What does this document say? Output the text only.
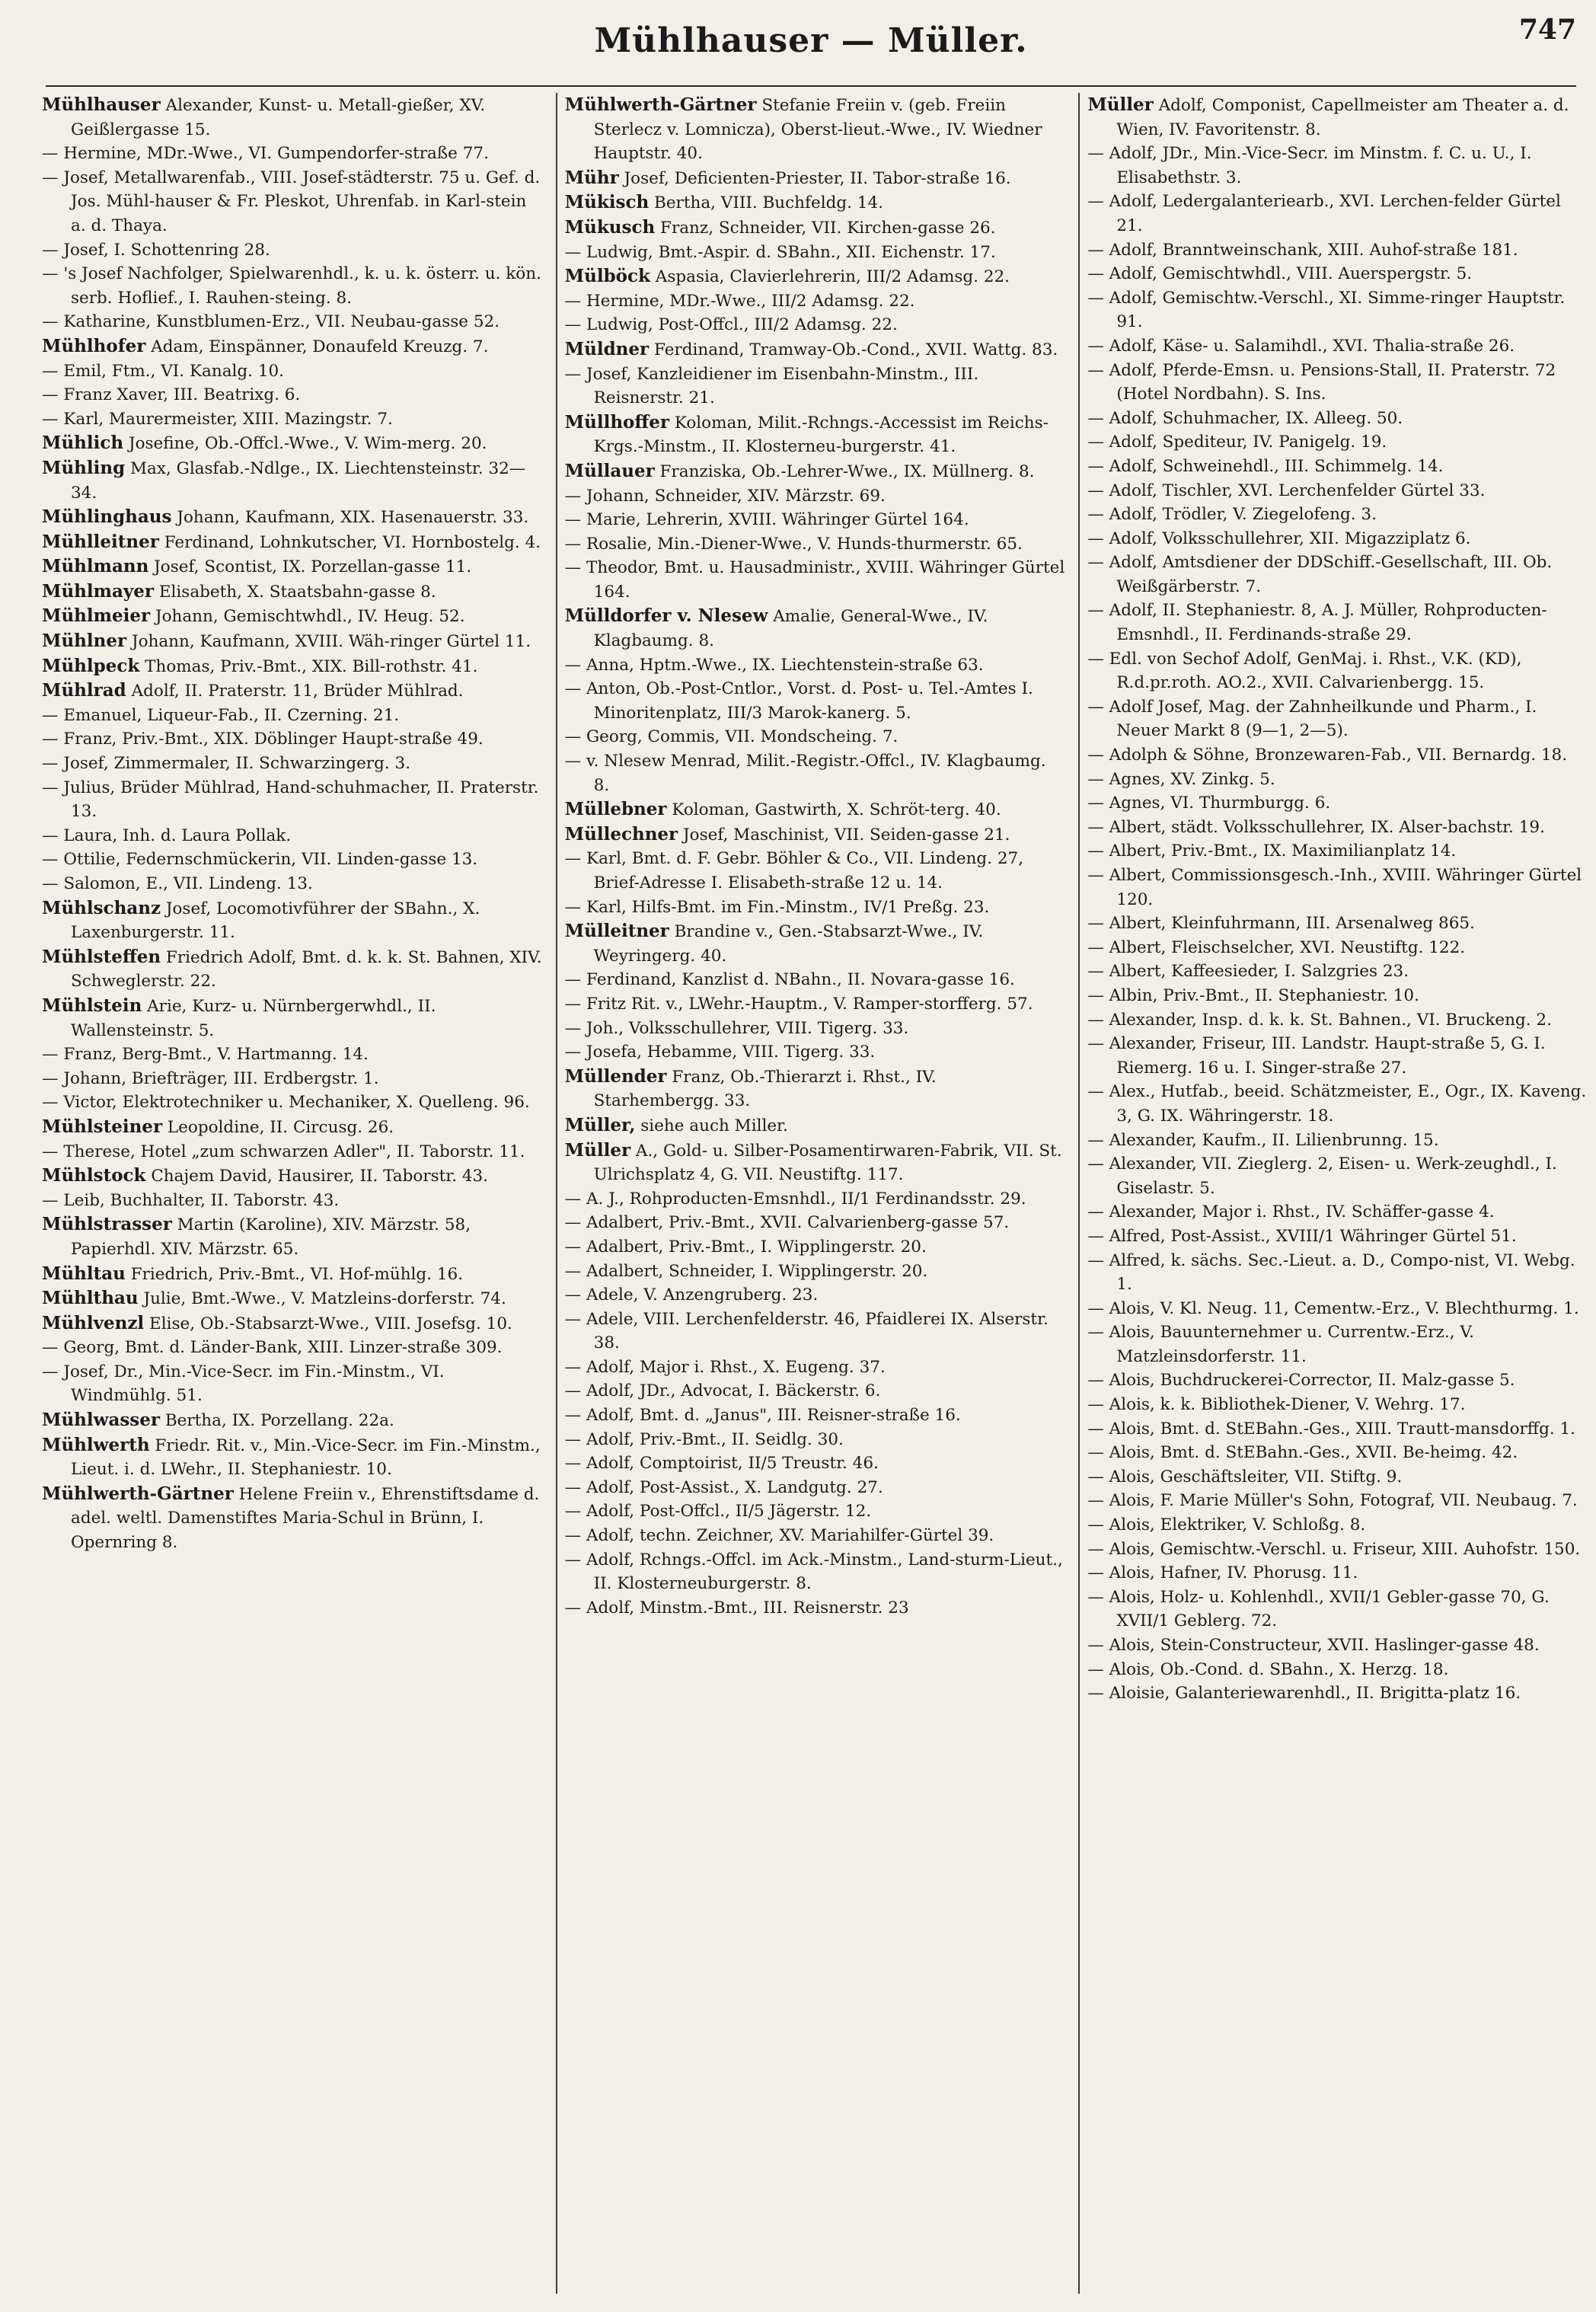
Mühlhauser — Müller.	747

Mühlhauser Alexander, Kunst- u. Metall-gießer, XV. Geißlergasse 15.

— Hermine, MDr.-Wwe., VI. Gumpendorfer-straße 77.

— Josef, Metallwarenfab., VIII. Josef-städterstr. 75 u. Gef. d. Jos. Mühl-hauser & Fr. Pleskot, Uhrenfab. in Karl-stein a. d. Thaya.

— Josef, I. Schottenring 28.

— 's Josef Nachfolger, Spielwarenhdl., k. u. k. österr. u. kön. serb. Hoflief., I. Rauhen-steing. 8.

— Katharine, Kunstblumen-Erz., VII. Neubau-gasse 52.

Mühlhofer Adam, Einspänner, Donaufeld Kreuzg. 7.

— Emil, Ftm., VI. Kanalg. 10.

— Franz Xaver, III. Beatrixg. 6.

— Karl, Maurermeister, XIII. Mazingstr. 7.

Mühlich Josefine, Ob.-Offcl.-Wwe., V. Wim-merg. 20.

Mühling Max, Glasfab.-Ndlge., IX. Liechtensteinstr. 32—34.

Mühlinghaus Johann, Kaufmann, XIX. Hasenauerstr. 33.

Mühlleitner Ferdinand, Lohnkutscher, VI. Hornbostelg. 4.

Mühlmann Josef, Scontist, IX. Porzellan-gasse 11.

Mühlmayer Elisabeth, X. Staatsbahn-gasse 8.

Mühlmeier Johann, Gemischtwhdl., IV. Heug. 52.

Mühlner Johann, Kaufmann, XVIII. Wäh-ringer Gürtel 11.

Mühlpeck Thomas, Priv.-Bmt., XIX. Bill-rothstr. 41.

Mühlrad Adolf, II. Praterstr. 11, Brüder Mühlrad.

— Emanuel, Liqueur-Fab., II. Czerning. 21.

— Franz, Priv.-Bmt., XIX. Döblinger Haupt-straße 49.

— Josef, Zimmermaler, II. Schwarzingerg. 3.

— Julius, Brüder Mühlrad, Hand-schuhmacher, II. Praterstr. 13.

— Laura, Inh. d. Laura Pollak.

— Ottilie, Federnschmückerin, VII. Linden-gasse 13.

— Salomon, E., VII. Lindeng. 13.

Mühlschanz Josef, Locomotivführer der SBahn., X. Laxenburgerstr. 11.

Mühlsteffen Friedrich Adolf, Bmt. d. k. k. St. Bahnen, XIV. Schweglerstr. 22.

Mühlstein Arie, Kurz- u. Nürnbergerwhdl., II. Wallensteinstr. 5.

— Franz, Berg-Bmt., V. Hartmanng. 14.

— Johann, Briefträger, III. Erdbergstr. 1.

— Victor, Elektrotechniker u. Mechaniker, X. Quelleng. 96.

Mühlsteiner Leopoldine, II. Circusg. 26.

— Therese, Hotel „zum schwarzen Adler", II. Taborstr. 11.

Mühlstock Chajem David, Hausirer, II. Taborstr. 43.

— Leib, Buchhalter, II. Taborstr. 43.

Mühlstrasser Martin (Karoline), XIV. Märzstr. 58, Papierhdl. XIV. Märzstr. 65.

Mühltau Friedrich, Priv.-Bmt., VI. Hof-mühlg. 16.

Mühlthau Julie, Bmt.-Wwe., V. Matzleins-dorferstr. 74.

Mühlvenzl Elise, Ob.-Stabsarzt-Wwe., VIII. Josefsg. 10.

— Georg, Bmt. d. Länder-Bank, XIII. Linzer-straße 309.

— Josef, Dr., Min.-Vice-Secr. im Fin.-Minstm., VI. Windmühlg. 51.

Mühlwasser Bertha, IX. Porzellang. 22a.

Mühlwerth Friedr. Rit. v., Min.-Vice-Secr. im Fin.-Minstm., Lieut. i. d. LWehr., II. Stephaniestr. 10.

Mühlwerth-Gärtner Helene Freiin v., Ehrenstiftsdame d. adel. weltl. Damenstiftes Maria-Schul in Brünn, I. Opernring 8.

Mühlwerth-Gärtner Stefanie Freiin v. (geb. Freiin Sterlecz v. Lomnicza), Oberst-lieut.-Wwe., IV. Wiedner Hauptstr. 40.

Mühr Josef, Deficienten-Priester, II. Tabor-straße 16.

Mükisch Bertha, VIII. Buchfeldg. 14.

Mükusch Franz, Schneider, VII. Kirchen-gasse 26.

— Ludwig, Bmt.-Aspir. d. SBahn., XII. Eichenstr. 17.

Mülböck Aspasia, Clavierlehrerin, III/2 Adamsg. 22.

— Hermine, MDr.-Wwe., III/2 Adamsg. 22.

— Ludwig, Post-Offcl., III/2 Adamsg. 22.

Müldner Ferdinand, Tramway-Ob.-Cond., XVII. Wattg. 83.

— Josef, Kanzleidiener im Eisenbahn-Minstm., III. Reisnerstr. 21.

Müllhoffer Koloman, Milit.-Rchngs.-Accessist im Reichs-Krgs.-Minstm., II. Klosterneu-burgerstr. 41.

Müllauer Franziska, Ob.-Lehrer-Wwe., IX. Müllnerg. 8.

— Johann, Schneider, XIV. Märzstr. 69.

— Marie, Lehrerin, XVIII. Währinger Gürtel 164.

— Rosalie, Min.-Diener-Wwe., V. Hunds-thurmerstr. 65.

— Theodor, Bmt. u. Hausadministr., XVIII. Währinger Gürtel 164.

Mülldorfer v. Nlesew Amalie, General-Wwe., IV. Klagbaumg. 8.

— Anna, Hptm.-Wwe., IX. Liechtenstein-straße 63.

— Anton, Ob.-Post-Cntlor., Vorst. d. Post- u. Tel.-Amtes I. Minoritenplatz, III/3 Marok-kanerg. 5.

— Georg, Commis, VII. Mondscheing. 7.

— v. Nlesew Menrad, Milit.-Registr.-Offcl., IV. Klagbaumg. 8.

Müllebner Koloman, Gastwirth, X. Schröt-terg. 40.

Müllechner Josef, Maschinist, VII. Seiden-gasse 21.

— Karl, Bmt. d. F. Gebr. Böhler & Co., VII. Lindeng. 27, Brief-Adresse I. Elisabeth-straße 12 u. 14.

— Karl, Hilfs-Bmt. im Fin.-Minstm., IV/1 Preßg. 23.

Mülleitner Brandine v., Gen.-Stabsarzt-Wwe., IV. Weyringerg. 40.

— Ferdinand, Kanzlist d. NBahn., II. Novara-gasse 16.

— Fritz Rit. v., LWehr.-Hauptm., V. Ramper-storfferg. 57.

— Joh., Volksschullehrer, VIII. Tigerg. 33.

— Josefa, Hebamme, VIII. Tigerg. 33.

Müllender Franz, Ob.-Thierarzt i. Rhst., IV. Starhembergg. 33.

Müller, siehe auch Miller.

Müller A., Gold- u. Silber-Posamentirwaren-Fabrik, VII. St. Ulrichsplatz 4, G. VII. Neustiftg. 117.

— A. J., Rohproducten-Emsnhdl., II/1 Ferdinandsstr. 29.

— Adalbert, Priv.-Bmt., XVII. Calvarienberg-gasse 57.

— Adalbert, Priv.-Bmt., I. Wipplingerstr. 20.

— Adalbert, Schneider, I. Wipplingerstr. 20.

— Adele, V. Anzengruberg. 23.

— Adele, VIII. Lerchenfelderstr. 46, Pfaidlerei IX. Alserstr. 38.

— Adolf, Major i. Rhst., X. Eugeng. 37.

— Adolf, JDr., Advocat, I. Bäckerstr. 6.

— Adolf, Bmt. d. „Janus", III. Reisner-straße 16.

— Adolf, Priv.-Bmt., II. Seidlg. 30.

— Adolf, Comptoirist, II/5 Treustr. 46.

— Adolf, Post-Assist., X. Landgutg. 27.

— Adolf, Post-Offcl., II/5 Jägerstr. 12.

— Adolf, techn. Zeichner, XV. Mariahilfer-Gürtel 39.

— Adolf, Rchngs.-Offcl. im Ack.-Minstm., Land-sturm-Lieut., II. Klosterneuburgerstr. 8.

— Adolf, Minstm.-Bmt., III. Reisnerstr. 23

Müller Adolf, Componist, Capellmeister am Theater a. d. Wien, IV. Favoritenstr. 8.

— Adolf, JDr., Min.-Vice-Secr. im Minstm. f. C. u. U., I. Elisabethstr. 3.

— Adolf, Ledergalanteriearb., XVI. Lerchen-felder Gürtel 21.

— Adolf, Branntweinschank, XIII. Auhof-straße 181.

— Adolf, Gemischtwhdl., VIII. Auerspergstr. 5.

— Adolf, Gemischtw.-Verschl., XI. Simme-ringer Hauptstr. 91.

— Adolf, Käse- u. Salamihdl., XVI. Thalia-straße 26.

— Adolf, Pferde-Emsn. u. Pensions-Stall, II. Praterstr. 72 (Hotel Nordbahn). S. Ins.

— Adolf, Schuhmacher, IX. Alleeg. 50.

— Adolf, Spediteur, IV. Panigelg. 19.

— Adolf, Schweinehdl., III. Schimmelg. 14.

— Adolf, Tischler, XVI. Lerchenfelder Gürtel 33.

— Adolf, Trödler, V. Ziegelofeng. 3.

— Adolf, Volksschullehrer, XII. Migazziplatz 6.

— Adolf, Amtsdiener der DDSchiff.-Gesellschaft, III. Ob. Weißgärberstr. 7.

— Adolf, II. Stephaniestr. 8, A. J. Müller, Rohproducten-Emsnhdl., II. Ferdinands-straße 29.

— Edl. von Sechof Adolf, GenMaj. i. Rhst., V.K. (KD), R.d.pr.roth. AO.2., XVII. Calvarienbergg. 15.

— Adolf Josef, Mag. der Zahnheilkunde und Pharm., I. Neuer Markt 8 (9—1, 2—5).

— Adolph & Söhne, Bronzewaren-Fab., VII. Bernardg. 18.

— Agnes, XV. Zinkg. 5.

— Agnes, VI. Thurmburgg. 6.

— Albert, städt. Volksschullehrer, IX. Alser-bachstr. 19.

— Albert, Priv.-Bmt., IX. Maximilianplatz 14.

— Albert, Commissionsgesch.-Inh., XVIII. Währinger Gürtel 120.

— Albert, Kleinfuhrmann, III. Arsenalweg 865.

— Albert, Fleischselcher, XVI. Neustiftg. 122.

— Albert, Kaffeesieder, I. Salzgries 23.

— Albin, Priv.-Bmt., II. Stephaniestr. 10.

— Alexander, Insp. d. k. k. St. Bahnen., VI. Bruckeng. 2.

— Alexander, Friseur, III. Landstr. Haupt-straße 5, G. I. Riemerg. 16 u. I. Singer-straße 27.

— Alex., Hutfab., beeid. Schätzmeister, E., Ogr., IX. Kaveng. 3, G. IX. Währingerstr. 18.

— Alexander, Kaufm., II. Lilienbrunng. 15.

— Alexander, VII. Zieglerg. 2, Eisen- u. Werk-zeughdl., I. Giselastr. 5.

— Alexander, Major i. Rhst., IV. Schäffer-gasse 4.

— Alfred, Post-Assist., XVIII/1 Währinger Gürtel 51.

— Alfred, k. sächs. Sec.-Lieut. a. D., Compo-nist, VI. Webg. 1.

— Alois, V. Kl. Neug. 11, Cementw.-Erz., V. Blechthurmg. 1.

— Alois, Bauunternehmer u. Currentw.-Erz., V. Matzleinsdorferstr. 11.

— Alois, Buchdruckerei-Corrector, II. Malz-gasse 5.

— Alois, k. k. Bibliothek-Diener, V. Wehrg. 17.

— Alois, Bmt. d. StEBahn.-Ges., XIII. Trautt-mansdorffg. 1.

— Alois, Bmt. d. StEBahn.-Ges., XVII. Be-heimg. 42.

— Alois, Geschäftsleiter, VII. Stiftg. 9.

— Alois, F. Marie Müller's Sohn, Fotograf, VII. Neubaug. 7.

— Alois, Elektriker, V. Schloßg. 8.

— Alois, Gemischtw.-Verschl. u. Friseur, XIII. Auhofstr. 150.

— Alois, Hafner, IV. Phorusg. 11.

— Alois, Holz- u. Kohlenhdl., XVII/1 Gebler-gasse 70, G. XVII/1 Geblerg. 72.

— Alois, Stein-Constructeur, XVII. Haslinger-gasse 48.

— Alois, Ob.-Cond. d. SBahn., X. Herzg. 18.

— Aloisie, Galanteriewarenhdl., II. Brigitta-platz 16.
